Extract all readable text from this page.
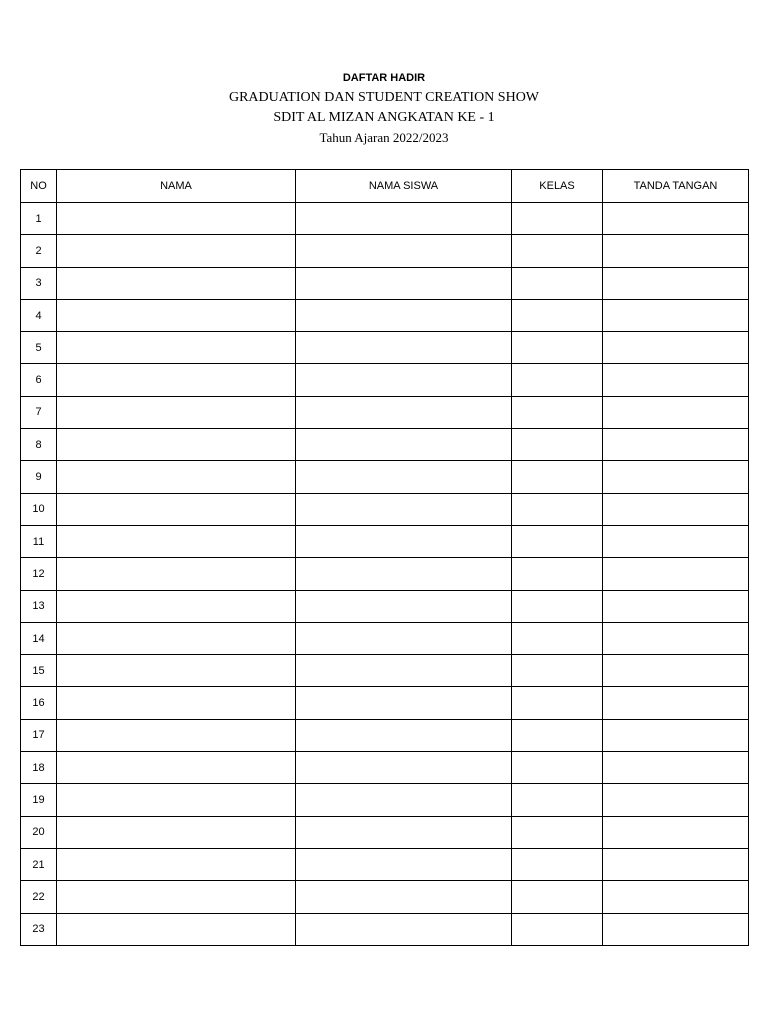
DAFTAR HADIR
GRADUATION DAN STUDENT CREATION SHOW
SDIT AL MIZAN ANGKATAN KE - 1
Tahun Ajaran 2022/2023
NO	NAMA	NAMA SISWA	KELAS	TANDA TANGAN
1				
2				
3				
4				
5				
6				
7				
8				
9				
10				
11				
12				
13				
14				
15				
16				
17				
18				
19				
20				
21				
22				
23				
